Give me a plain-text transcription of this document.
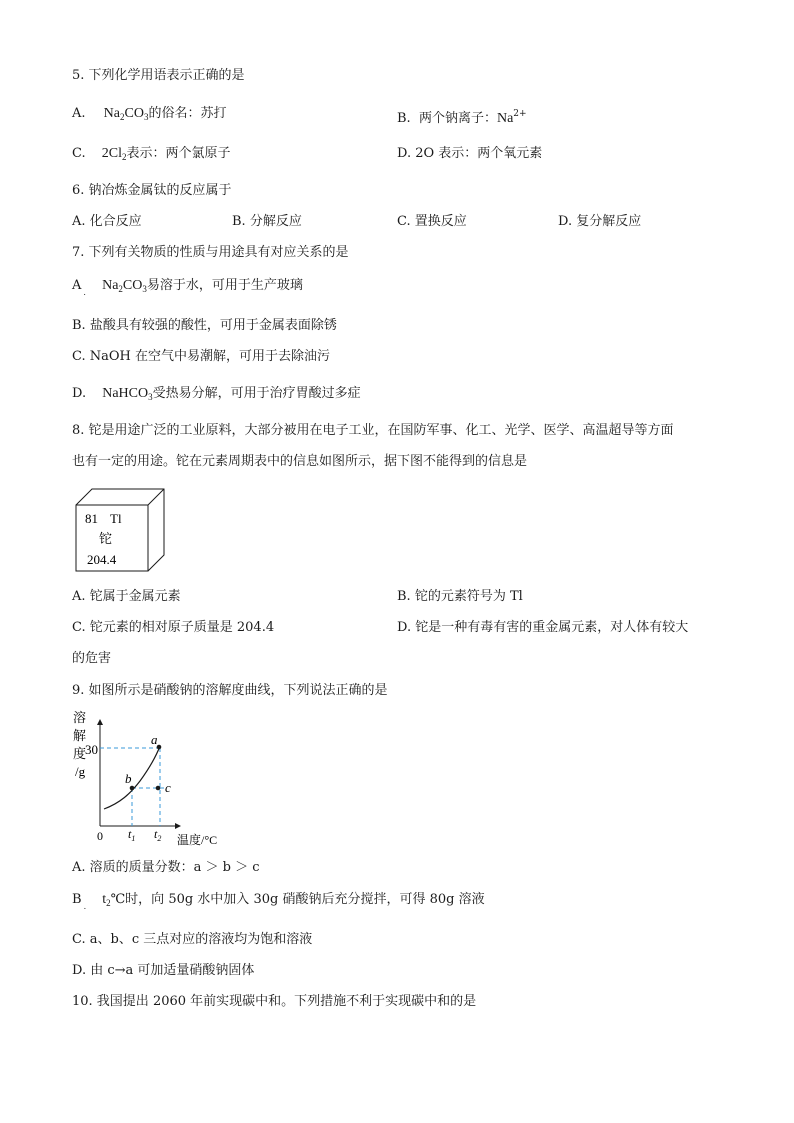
5. 下列化学用语表示正确的是
A. $Na_2CO_3$的俗名：苏打	B. 两个钠离子：$Na^{2+}$
C. $2Cl_2$表示：两个氯原子	D. 2O 表示：两个氧元素
6. 钠冶炼金属钛的反应属于
A. 化合反应	B. 分解反应	C. 置换反应	D. 复分解反应
7. 下列有关物质的性质与用途具有对应关系的是
A $_.$ $Na_2CO_3$易溶于水，可用于生产玻璃
B. 盐酸具有较强的酸性，可用于金属表面除锈
C. NaOH 在空气中易潮解，可用于去除油污
D. NaHCO$_3$受热易分解，可用于治疗胃酸过多症
8. 铊是用途广泛的工业原料，大部分被用在电子工业，在国防军事、化工、光学、医学、高温超导等方面
也有一定的用途。铊在元素周期表中的信息如图所示，据下图不能得到的信息是
81 Tl
铊
204.4
A. 铊属于金属元素	B. 铊的元素符号为 Tl
C. 铊元素的相对原子质量是 204.4	D. 铊是一种有毒有害的重金属元素，对人体有较大
的危害
9. 如图所示是硝酸钠的溶解度曲线，下列说法正确的是
溶
解
度
/g
30
0
a
b
c
$t_1$ $t_2$ 温度/°C
A. 溶质的质量分数：a ＞ b ＞ c
B $_.$ $t_2℃$时，向 50g 水中加入 30g 硝酸钠后充分搅拌，可得 80g 溶液
C. a、b、c 三点对应的溶液均为饱和溶液
D. 由 c→a 可加适量硝酸钠固体
10. 我国提出 2060 年前实现碳中和。下列措施不利于实现碳中和的是
